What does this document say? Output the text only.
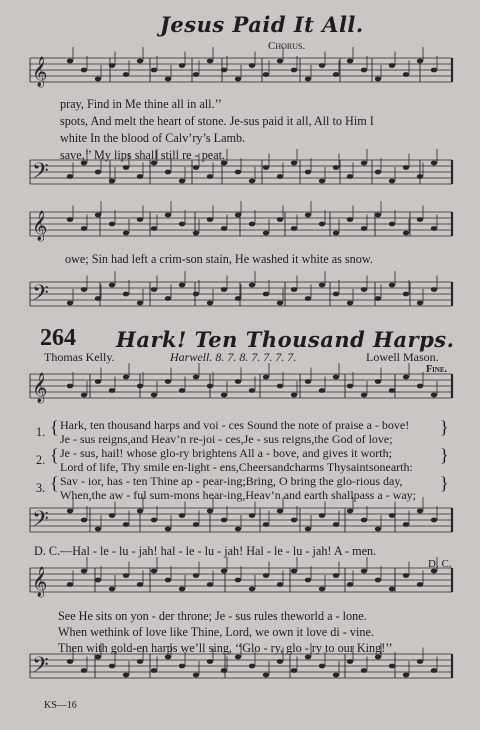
Jesus Paid It All.
Chorus.
𝄞
𝄢
𝄞
𝄢
𝄞
𝄢
𝄞
𝄢
pray, Find in Me thine all in all.’’
spots, And melt the heart of stone. Je-sus paid it all, All to Him I
white In the blood of Calv’ry’s Lamb.
save,’’ My lips shall still re - peat.
owe; Sin had left a crim-son stain, He washed it white as snow.
264 Hark! Ten Thousand Harps.
Thomas Kelly.	Harwell. 8. 7. 8. 7. 7. 7. 7.	Lowell Mason.
Fine.
1. { Hark, ten thousand harps and voi - ces Sound the note of praise a - bove!
Je - sus reigns,and Heav’n re-joi - ces,Je - sus reigns,the God of love;
}
2. { Je - sus, hail! whose glo-ry brightens All a - bove, and gives it worth;
Lord of life, Thy smile en-light - ens,Cheersandcharms Thysaintsonearth:
}
3. { Sav - ior, has - ten Thine ap - pear-ing;Bring, O bring the glo-rious day,
When,the aw - ful sum-mons hear-ing,Heav’n and earth shallpass a - way;
}
D. C.—Hal - le - lu - jah! hal - le - lu - jah! Hal - le - lu - jah! A - men.
D. C.
See He sits on yon - der throne; Je - sus rules theworld a - lone.
When wethink of love like Thine, Lord, we own it love di - vine.
Then with gold-en harps we’ll sing, ‘‘Glo - ry, glo - ry to our King!’’
KS—16
